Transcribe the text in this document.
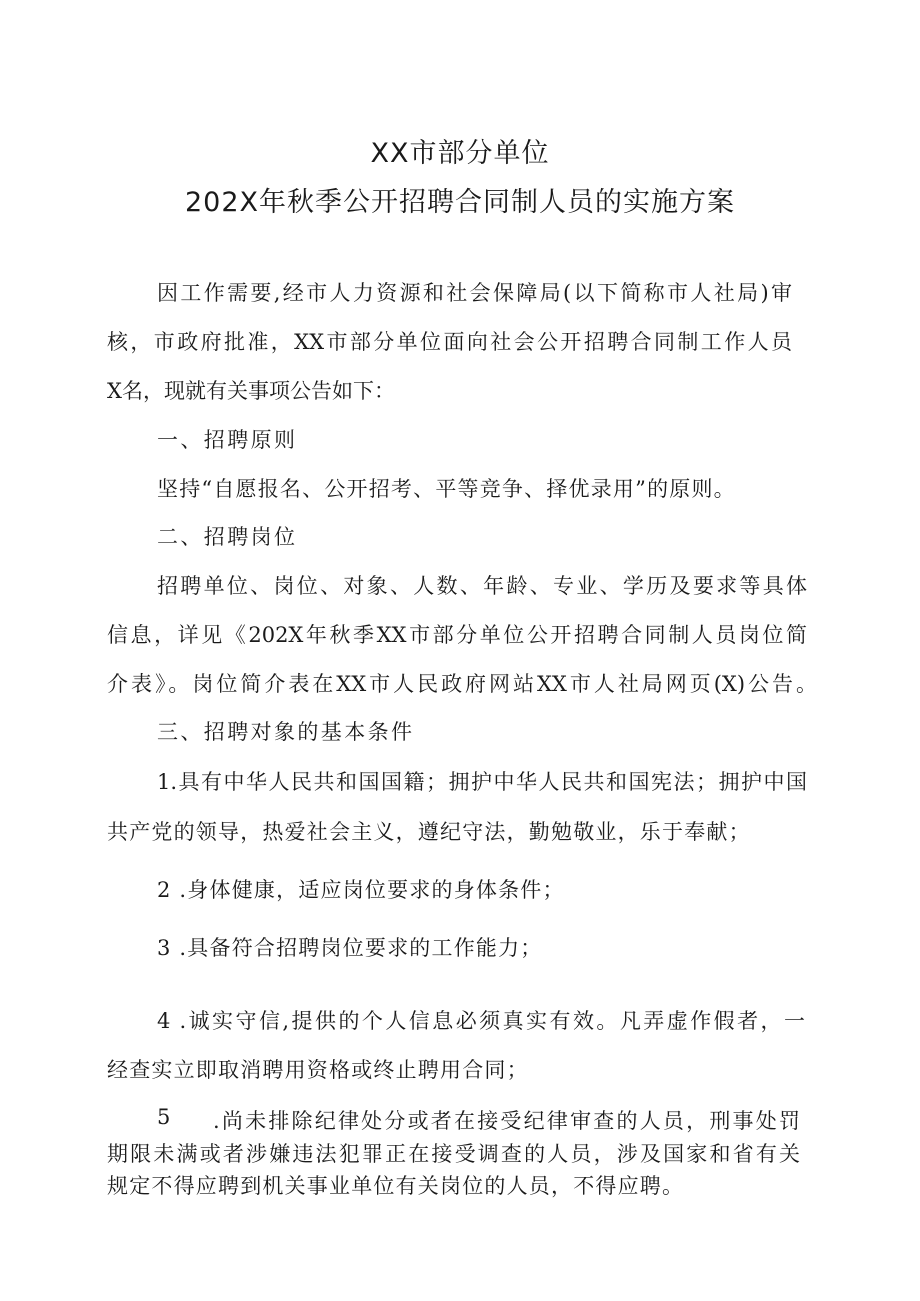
XX市部分单位
202X年秋季公开招聘合同制人员的实施方案
因工作需要,经市人力资源和社会保障局(以下简称市人社局)审
核，市政府批准，XX市部分单位面向社会公开招聘合同制工作人员
X名，现就有关事项公告如下：
一、招聘原则
坚持“自愿报名、公开招考、平等竞争、择优录用”的原则。
二、招聘岗位
招聘单位、岗位、对象、人数、年龄、专业、学历及要求等具体
信息，详见《202X年秋季XX市部分单位公开招聘合同制人员岗位简
介表》。岗位简介表在XX市人民政府网站XX市人社局网页(X)公告。
三、招聘对象的基本条件
1.具有中华人民共和国国籍；拥护中华人民共和国宪法；拥护中国
共产党的领导，热爱社会主义，遵纪守法，勤勉敬业，乐于奉献；
2 .身体健康，适应岗位要求的身体条件；
3 .具备符合招聘岗位要求的工作能力；
4 .诚实守信,提供的个人信息必须真实有效。凡弄虚作假者，一
经查实立即取消聘用资格或终止聘用合同；
5 .尚未排除纪律处分或者在接受纪律审查的人员，刑事处罚
期限未满或者涉嫌违法犯罪正在接受调查的人员，涉及国家和省有关
规定不得应聘到机关事业单位有关岗位的人员，不得应聘。
